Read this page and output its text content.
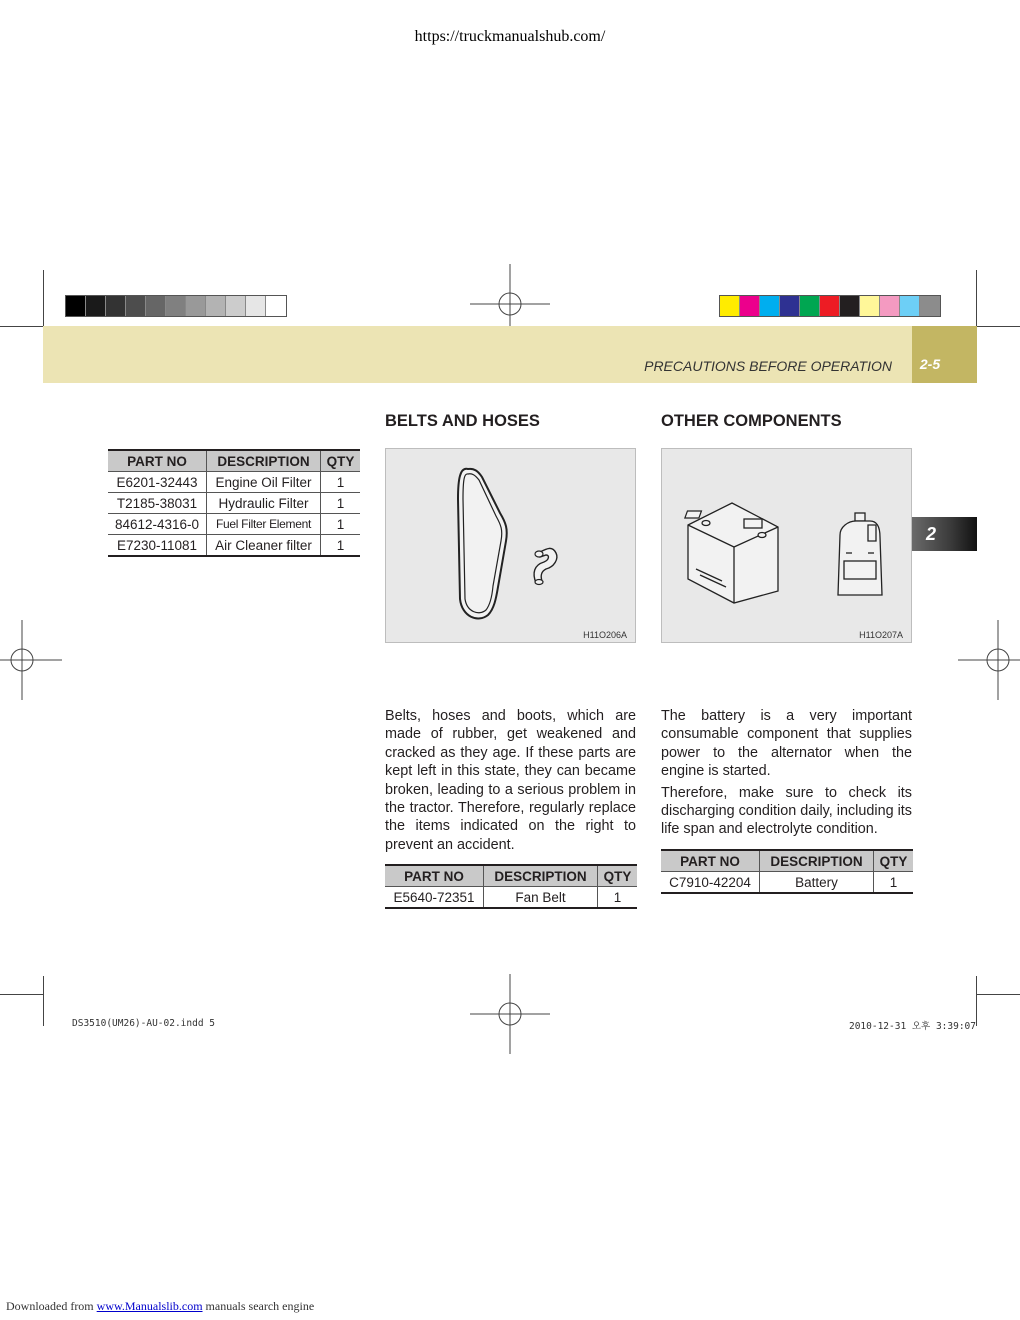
https://truckmanualshub.com/
PRECAUTIONS BEFORE OPERATION	2-5
2
PART NO	DESCRIPTION	QTY
E6201-32443	Engine Oil Filter	1
T2185-38031	Hydraulic Filter	1
84612-4316-0	Fuel Filter Element	1
E7230-11081	Air Cleaner filter	1
BELTS AND HOSES
H11O206A

Belts, hoses and boots, which are made of rubber, get weakened and cracked as they age. If these parts are kept left in this state, they can became broken, leading to a serious problem in the tractor. Therefore, regularly replace the items indicated on the right to prevent an accident.

PART NO	DESCRIPTION	QTY
E5640-72351	Fan Belt	1
OTHER COMPONENTS
H11O207A

The battery is a very important consumable component that supplies power to the alternator when the engine is started.

Therefore, make sure to check its discharging condition daily, including its life span and electrolyte condition.

PART NO	DESCRIPTION	QTY
C7910-42204	Battery	1
DS3510(UM26)-AU-02.indd 5	2010-12-31 오후 3:39:07
Downloaded from www.Manualslib.com manuals search engine
